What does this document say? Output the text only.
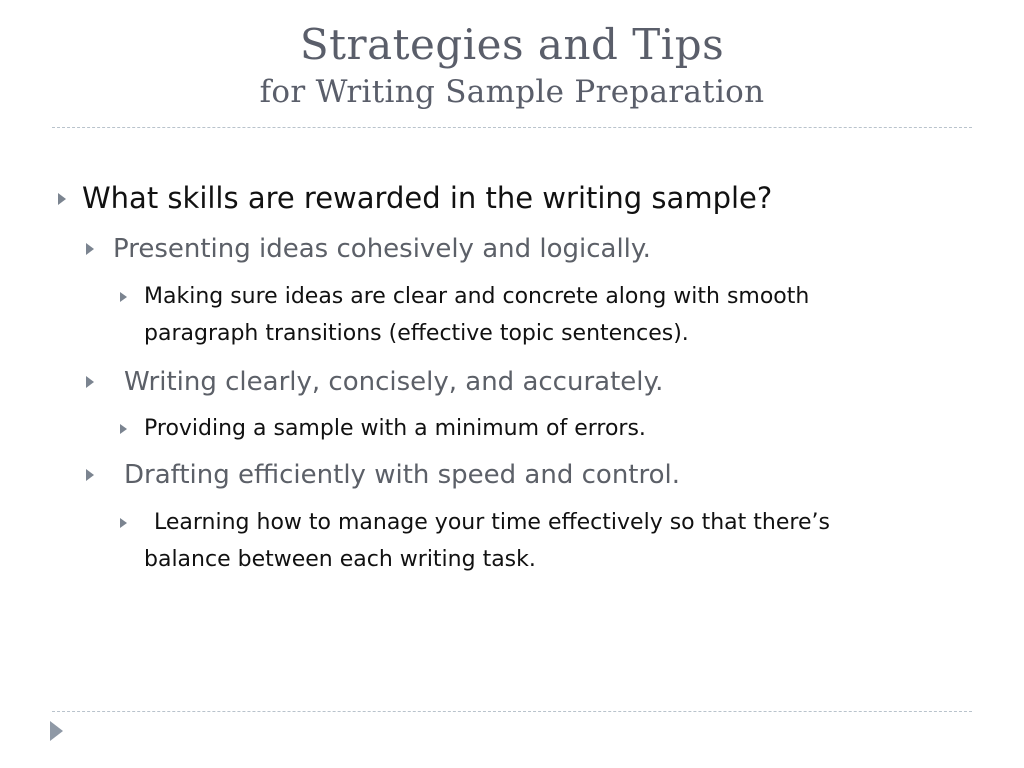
Strategies and Tips
for Writing Sample Preparation
What skills are rewarded in the writing sample?
Presenting ideas cohesively and logically.
Making sure ideas are clear and concrete along with smooth
paragraph transitions (effective topic sentences).
Writing clearly, concisely, and accurately.
Providing a sample with a minimum of errors.
Drafting efficiently with speed and control.
Learning how to manage your time effectively so that there’s
balance between each writing task.
